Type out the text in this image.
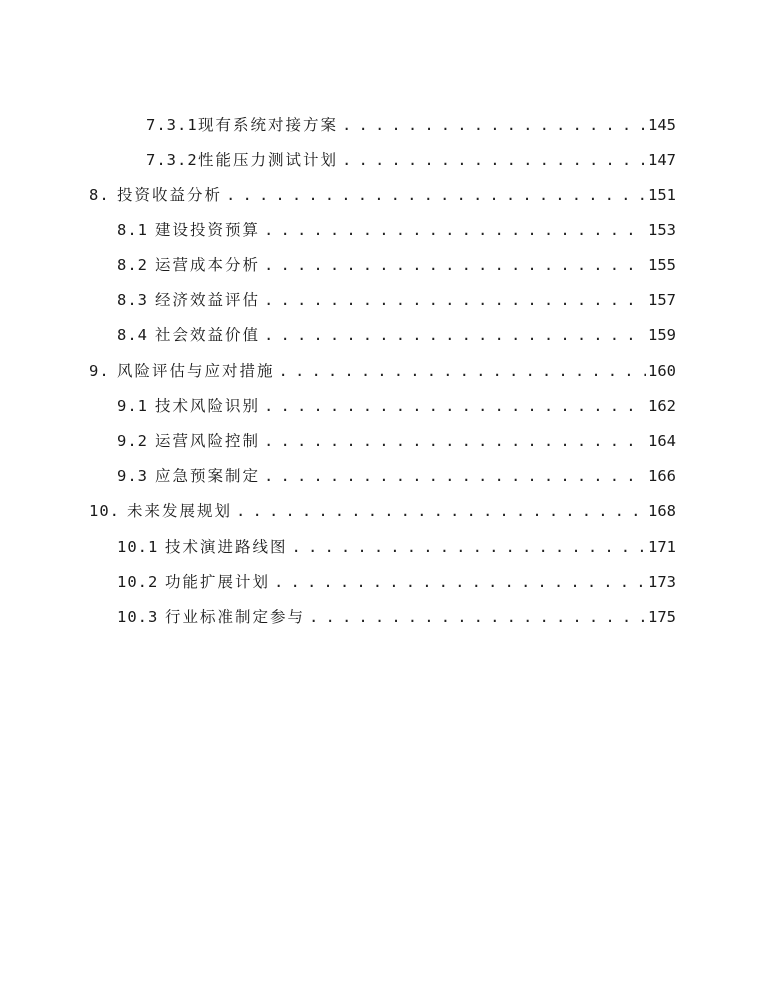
7.3.1 现有系统对接方案 . . .	145
7.3.2 性能压力测试计划 . . .	147
8. 投资收益分析 . . .	151
8.1 建设投资预算 . . .	153
8.2 运营成本分析 . . .	155
8.3 经济效益评估 . . .	157
8.4 社会效益价值 . . .	159
9. 风险评估与应对措施 . . .	160
9.1 技术风险识别 . . .	162
9.2 运营风险控制 . . .	164
9.3 应急预案制定 . . .	166
10. 未来发展规划 . . .	168
10.1 技术演进路线图 . . .	171
10.2 功能扩展计划 . . .	173
10.3 行业标准制定参与 . . .	175
